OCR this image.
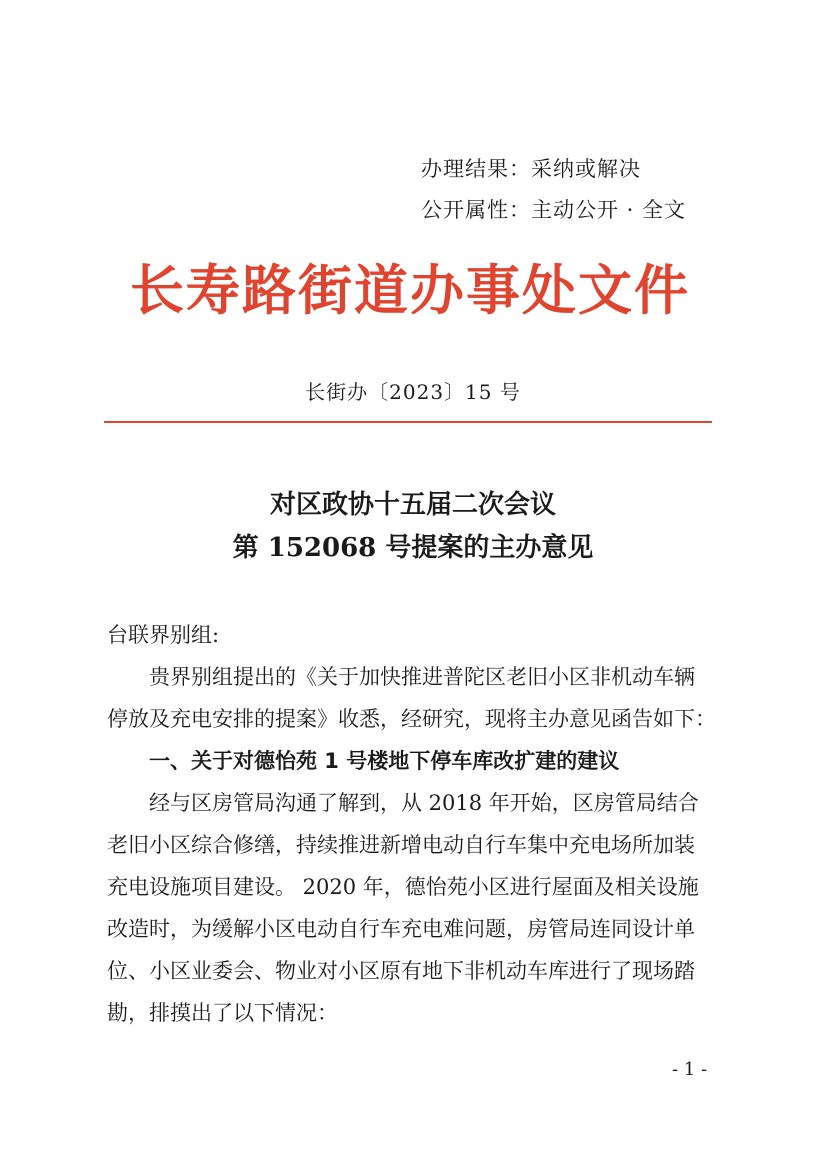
办理结果：采纳或解决
公开属性：主动公开 · 全文
长寿路街道办事处文件
长街办〔2023〕15 号
对区政协十五届二次会议
第 152068 号提案的主办意见
台联界别组:
贵界别组提出的《关于加快推进普陀区老旧小区非机动车辆
停放及充电安排的提案》收悉，经研究，现将主办意见函告如下：
一、关于对德怡苑 1 号楼地下停车库改扩建的建议
经与区房管局沟通了解到，从 2018 年开始，区房管局结合
老旧小区综合修缮，持续推进新增电动自行车集中充电场所加装
充电设施项目建设。 2020 年，德怡苑小区进行屋面及相关设施
改造时，为缓解小区电动自行车充电难问题，房管局连同设计单
位、小区业委会、物业对小区原有地下非机动车库进行了现场踏
勘，排摸出了以下情况：
- 1 -
